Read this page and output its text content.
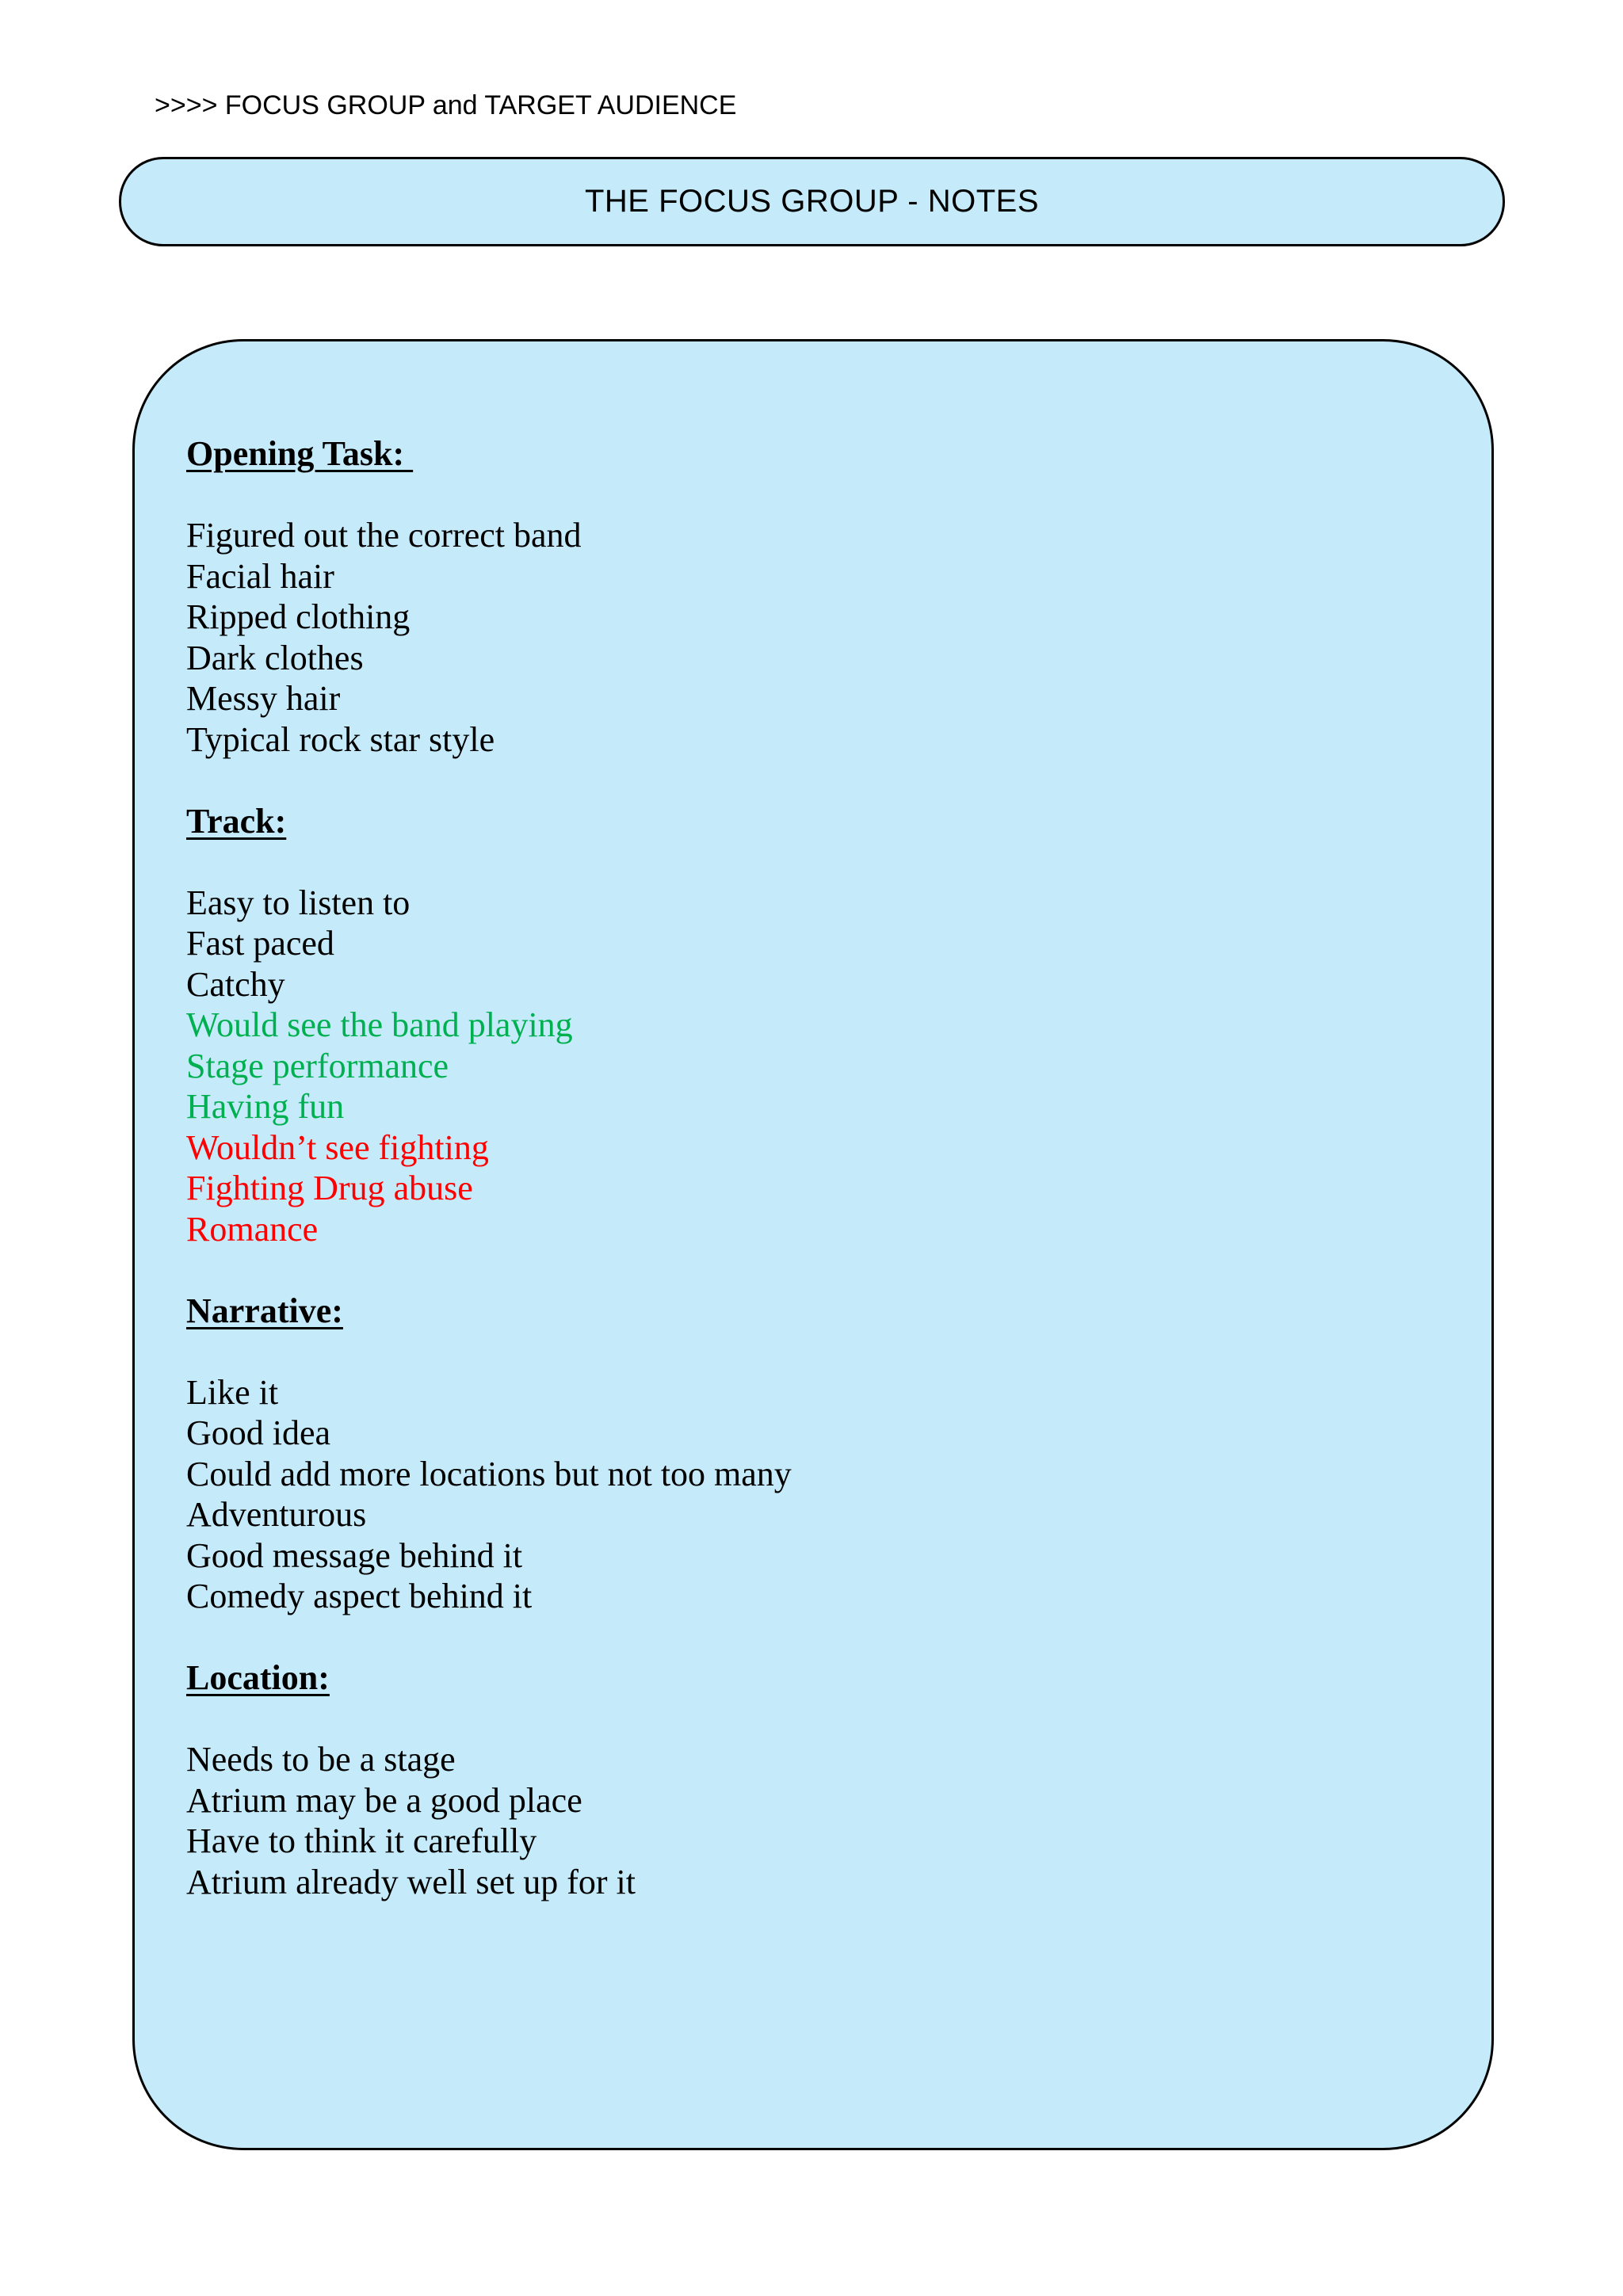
>>>> FOCUS GROUP and TARGET AUDIENCE
THE FOCUS GROUP - NOTES
Opening Task:
Figured out the correct band
Facial hair
Ripped clothing
Dark clothes
Messy hair
Typical rock star style
Track:
Easy to listen to
Fast paced
Catchy
Would see the band playing
Stage performance
Having fun
Wouldn’t see fighting
Fighting Drug abuse
Romance
Narrative:
Like it
Good idea
Could add more locations but not too many
Adventurous
Good message behind it
Comedy aspect behind it
Location:
Needs to be a stage
Atrium may be a good place
Have to think it carefully
Atrium already well set up for it
